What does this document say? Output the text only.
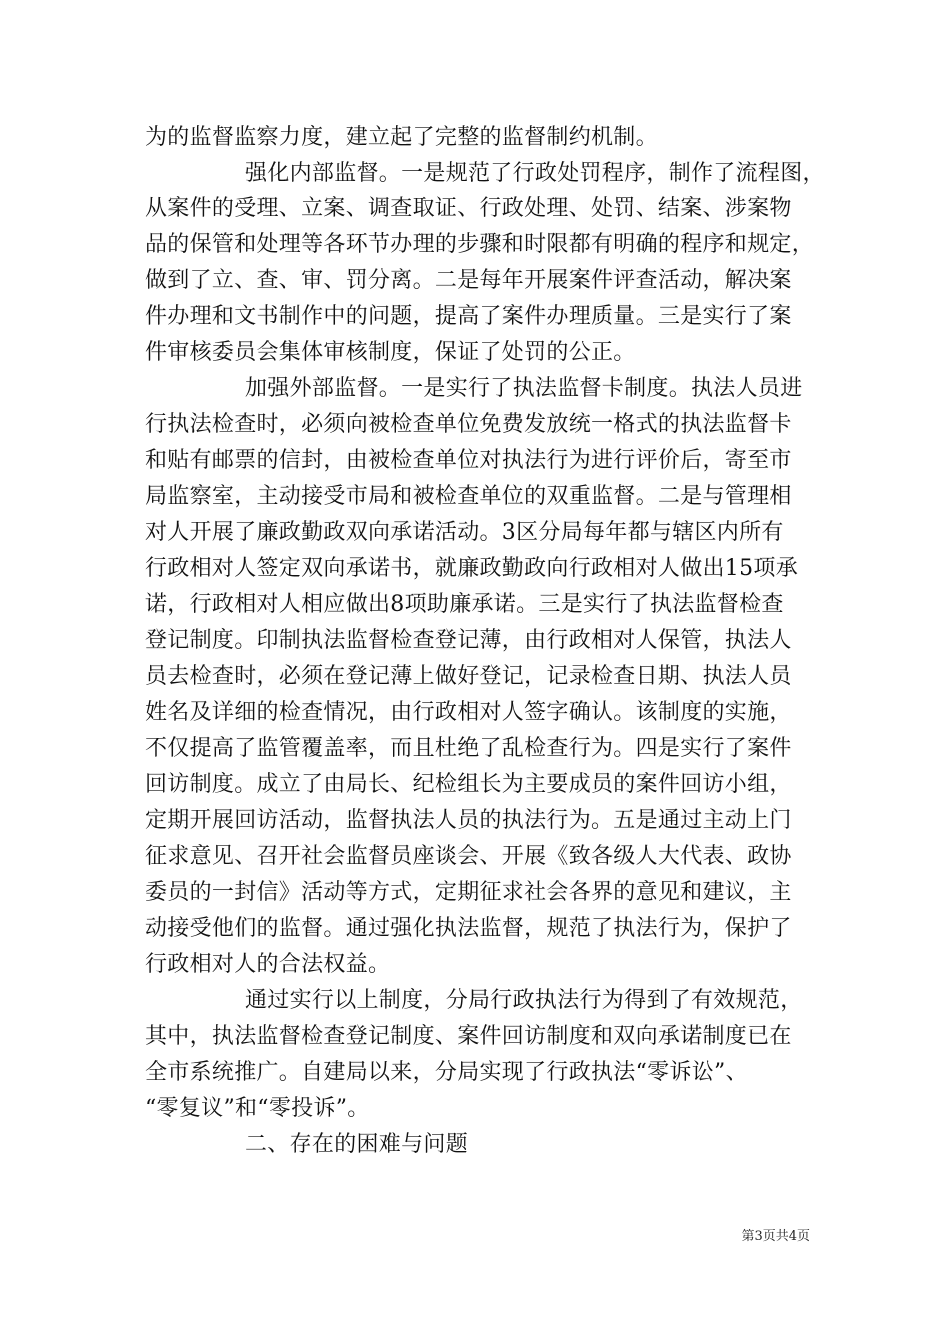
为的监督监察力度，建立起了完整的监督制约机制。
强化内部监督。一是规范了行政处罚程序，制作了流程图，
从案件的受理、立案、调查取证、行政处理、处罚、结案、涉案物
品的保管和处理等各环节办理的步骤和时限都有明确的程序和规定，
做到了立、查、审、罚分离。二是每年开展案件评查活动，解决案
件办理和文书制作中的问题，提高了案件办理质量。三是实行了案
件审核委员会集体审核制度，保证了处罚的公正。
加强外部监督。一是实行了执法监督卡制度。执法人员进
行执法检查时，必须向被检查单位免费发放统一格式的执法监督卡
和贴有邮票的信封，由被检查单位对执法行为进行评价后，寄至市
局监察室，主动接受市局和被检查单位的双重监督。二是与管理相
对人开展了廉政勤政双向承诺活动。3区分局每年都与辖区内所有
行政相对人签定双向承诺书，就廉政勤政向行政相对人做出15项承
诺，行政相对人相应做出8项助廉承诺。三是实行了执法监督检查
登记制度。印制执法监督检查登记薄，由行政相对人保管，执法人
员去检查时，必须在登记薄上做好登记，记录检查日期、执法人员
姓名及详细的检查情况，由行政相对人签字确认。该制度的实施，
不仅提高了监管覆盖率，而且杜绝了乱检查行为。四是实行了案件
回访制度。成立了由局长、纪检组长为主要成员的案件回访小组，
定期开展回访活动，监督执法人员的执法行为。五是通过主动上门
征求意见、召开社会监督员座谈会、开展《致各级人大代表、政协
委员的一封信》活动等方式，定期征求社会各界的意见和建议，主
动接受他们的监督。通过强化执法监督，规范了执法行为，保护了
行政相对人的合法权益。
通过实行以上制度，分局行政执法行为得到了有效规范，
其中，执法监督检查登记制度、案件回访制度和双向承诺制度已在
全市系统推广。自建局以来，分局实现了行政执法“零诉讼”、
“零复议”和“零投诉”。
二、存在的困难与问题
第3页共4页
